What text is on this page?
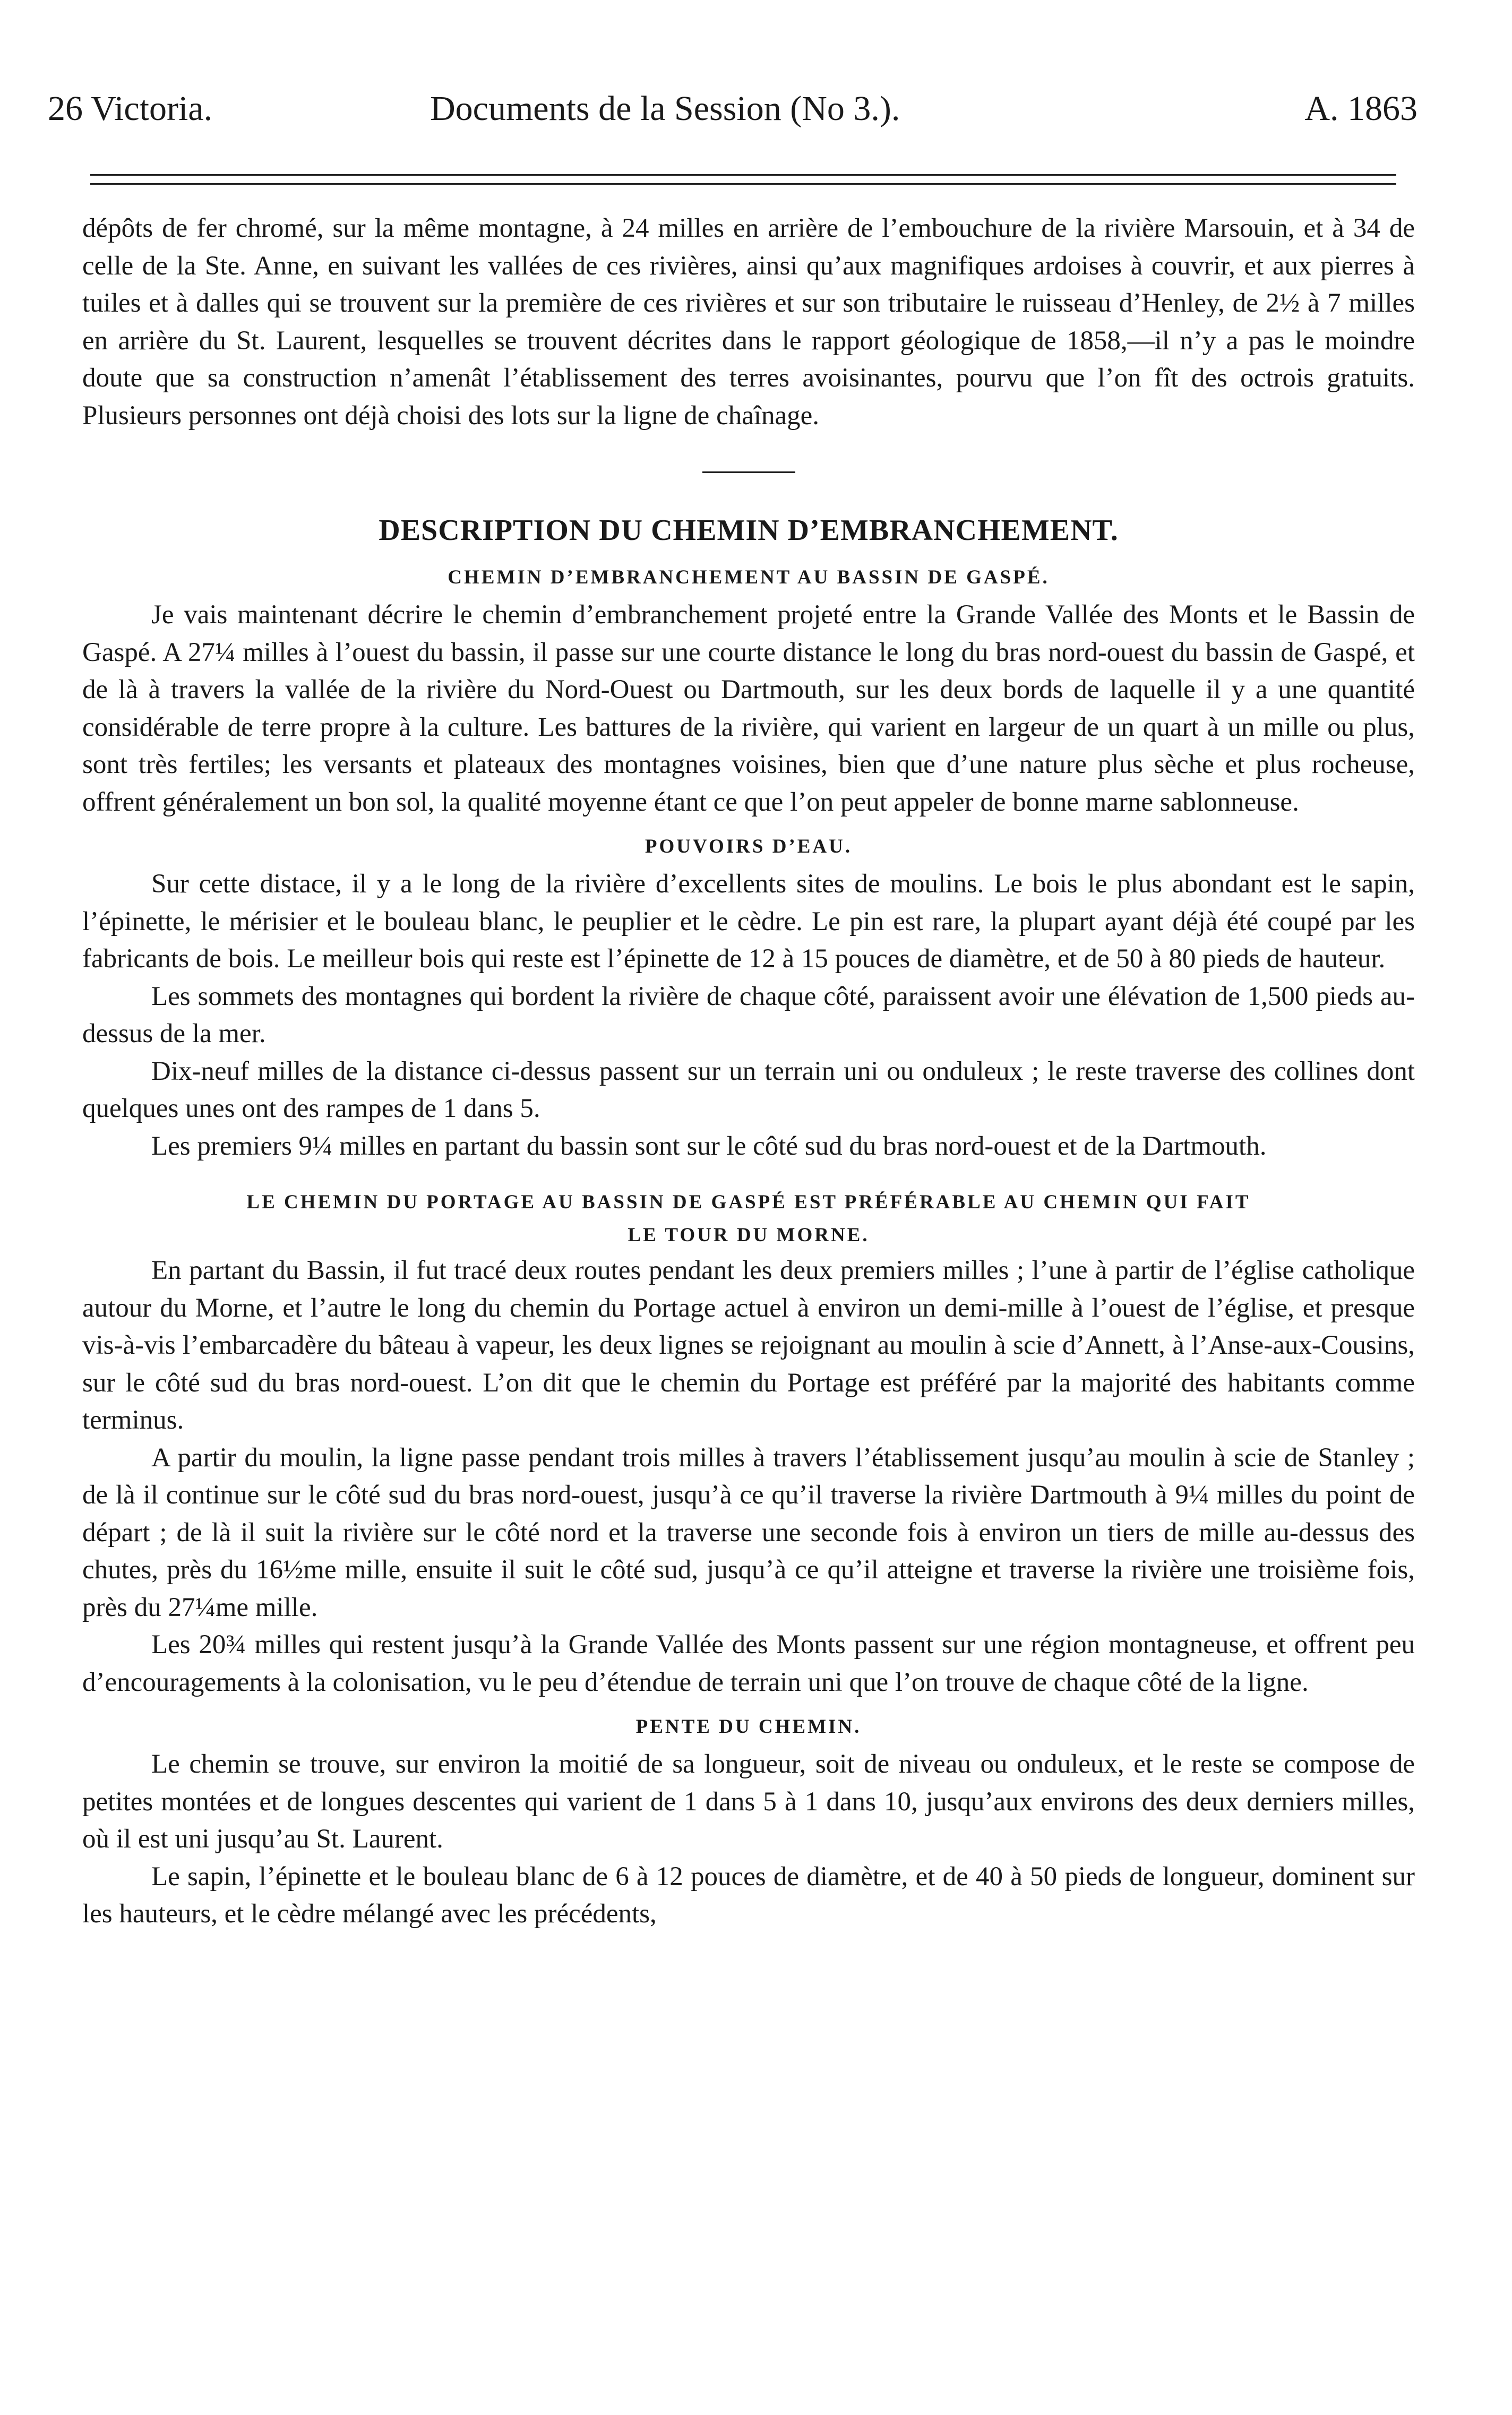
26 Victoria.	Documents de la Session (No 3.).	A. 1863

dépôts de fer chromé, sur la même montagne, à 24 milles en arrière de l’embouchure de la rivière Marsouin, et à 34 de celle de la Ste. Anne, en suivant les vallées de ces rivières, ainsi qu’aux magnifiques ardoises à couvrir, et aux pierres à tuiles et à dalles qui se trouvent sur la première de ces rivières et sur son tributaire le ruisseau d’Henley, de 2½ à 7 milles en arrière du St. Laurent, lesquelles se trouvent décrites dans le rapport géologique de 1858,—il n’y a pas le moindre doute que sa construction n’amenât l’établissement des terres avoisinantes, pourvu que l’on fît des octrois gratuits. Plusieurs personnes ont déjà choisi des lots sur la ligne de chaînage.

DESCRIPTION DU CHEMIN D’EMBRANCHEMENT.
CHEMIN D’EMBRANCHEMENT AU BASSIN DE GASPÉ.

Je vais maintenant décrire le chemin d’embranchement projeté entre la Grande Vallée des Monts et le Bassin de Gaspé. A 27¼ milles à l’ouest du bassin, il passe sur une courte distance le long du bras nord-ouest du bassin de Gaspé, et de là à travers la vallée de la rivière du Nord-Ouest ou Dartmouth, sur les deux bords de laquelle il y a une quantité considérable de terre propre à la culture. Les battures de la rivière, qui varient en largeur de un quart à un mille ou plus, sont très fertiles; les versants et plateaux des montagnes voisines, bien que d’une nature plus sèche et plus rocheuse, offrent généralement un bon sol, la qualité moyenne étant ce que l’on peut appeler de bonne marne sablonneuse.

POUVOIRS D’EAU.

Sur cette distace, il y a le long de la rivière d’excellents sites de moulins. Le bois le plus abondant est le sapin, l’épinette, le mérisier et le bouleau blanc, le peuplier et le cèdre. Le pin est rare, la plupart ayant déjà été coupé par les fabricants de bois. Le meilleur bois qui reste est l’épinette de 12 à 15 pouces de diamètre, et de 50 à 80 pieds de hauteur.

Les sommets des montagnes qui bordent la rivière de chaque côté, paraissent avoir une élévation de 1,500 pieds au-dessus de la mer.

Dix-neuf milles de la distance ci-dessus passent sur un terrain uni ou onduleux ; le reste traverse des collines dont quelques unes ont des rampes de 1 dans 5.

Les premiers 9¼ milles en partant du bassin sont sur le côté sud du bras nord-ouest et de la Dartmouth.

LE CHEMIN DU PORTAGE AU BASSIN DE GASPÉ EST PRÉFÉRABLE AU CHEMIN QUI FAIT
LE TOUR DU MORNE.

En partant du Bassin, il fut tracé deux routes pendant les deux premiers milles ; l’une à partir de l’église catholique autour du Morne, et l’autre le long du chemin du Portage actuel à environ un demi-mille à l’ouest de l’église, et presque vis-à-vis l’embarcadère du bâteau à vapeur, les deux lignes se rejoignant au moulin à scie d’Annett, à l’Anse-aux-Cousins, sur le côté sud du bras nord-ouest. L’on dit que le chemin du Portage est préféré par la majorité des habitants comme terminus.

A partir du moulin, la ligne passe pendant trois milles à travers l’établissement jusqu’au moulin à scie de Stanley ; de là il continue sur le côté sud du bras nord-ouest, jusqu’à ce qu’il traverse la rivière Dartmouth à 9¼ milles du point de départ ; de là il suit la rivière sur le côté nord et la traverse une seconde fois à environ un tiers de mille au-dessus des chutes, près du 16½me mille, ensuite il suit le côté sud, jusqu’à ce qu’il atteigne et traverse la rivière une troisième fois, près du 27¼me mille.

Les 20¾ milles qui restent jusqu’à la Grande Vallée des Monts passent sur une région montagneuse, et offrent peu d’encouragements à la colonisation, vu le peu d’étendue de terrain uni que l’on trouve de chaque côté de la ligne.

PENTE DU CHEMIN.

Le chemin se trouve, sur environ la moitié de sa longueur, soit de niveau ou onduleux, et le reste se compose de petites montées et de longues descentes qui varient de 1 dans 5 à 1 dans 10, jusqu’aux environs des deux derniers milles, où il est uni jusqu’au St. Laurent.

Le sapin, l’épinette et le bouleau blanc de 6 à 12 pouces de diamètre, et de 40 à 50 pieds de longueur, dominent sur les hauteurs, et le cèdre mélangé avec les précédents,
